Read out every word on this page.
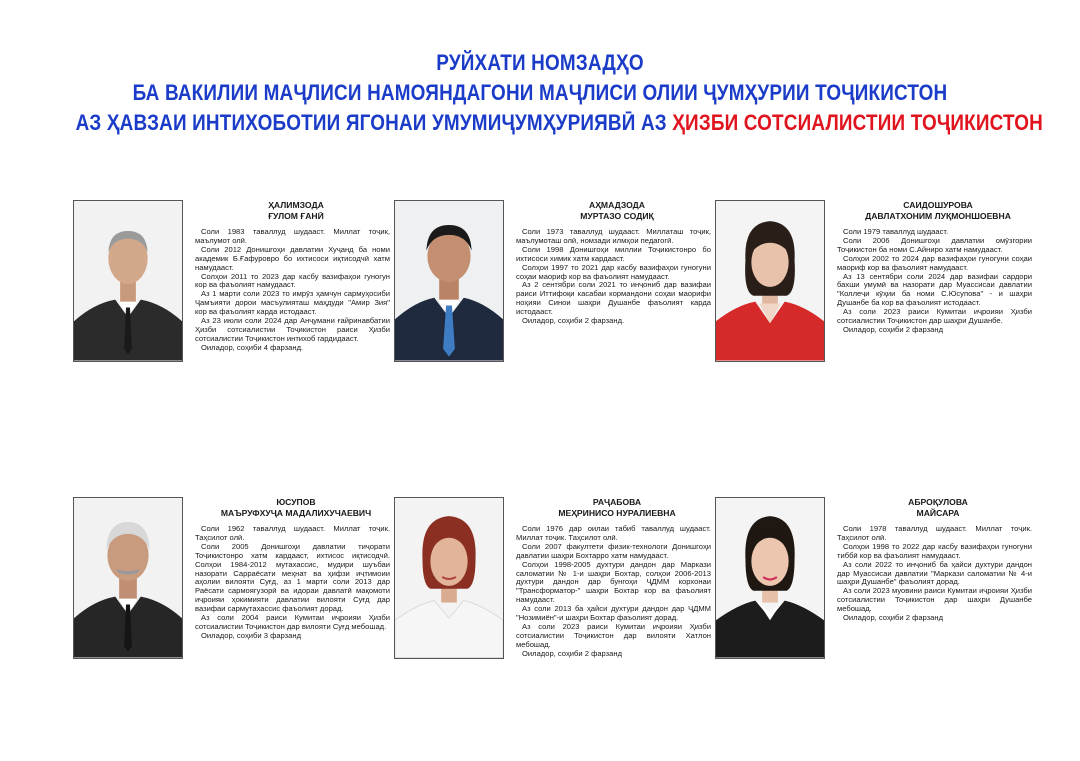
РУЙХАТИ НОМЗАДҲО
БА ВАКИЛИИ МАҶЛИСИ НАМОЯНДАГОНИ МАҶЛИСИ ОЛИИ ҶУМҲУРИИ ТОҶИКИСТОН
АЗ ҲАВЗАИ ИНТИХОБОТИИ ЯГОНАИ УМУМИҶУМҲУРИЯВӢ АЗ ҲИЗБИ СОТСИАЛИСТИИ ТОҶИКИСТОН
ҲАЛИМЗОДА
ҒУЛОМ ҒАНӢ

Соли 1983 таваллуд шудааст. Миллат тоҷик, маълумот олӣ.

Соли 2012 Донишгоҳи давлатии Хуҷанд ба номи академик Б.Ғафуровро бо ихтисоси иқтисодчӣ хатм намудааст.

Солҳои 2011 то 2023 дар касбу вазифаҳои гуногун кор ва фаъолият намудааст.

Аз 1 марти соли 2023 то имрӯз ҳамчун сармуҳосиби Ҷамъияти дорои масъулияташ маҳдуди "Амир Зия" кор ва фаъолият карда истодааст.

Аз 23 июли соли 2024 дар Анҷумани ғайринавбатии Ҳизби сотсиалистии Тоҷикистон раиси Ҳизби сотсиалистии Тоҷикистон интихоб гардидааст.

Оиладор, соҳиби 4 фарзанд.

АҲМАДЗОДА
МУРТАЗО СОДИҚ

Соли 1973 таваллуд шудааст. Миллаташ тоҷик, маълумоташ олӣ, номзади илмҳои педагогӣ.

Соли 1998 Донишгоҳи миллии Тоҷикистонро бо ихтисоси химик хатм кардааст.

Солҳои 1997 то 2021 дар касбу вазифаҳои гуногуни соҳаи маориф кор ва фаъолият намудааст.

Аз 2 сентябри соли 2021 то инҷониб дар вазифаи раиси Иттифоқи касабаи кормандони соҳаи маорифи ноҳияи Синои шаҳри Душанбе фаъолият карда истодааст.

Оиладор, соҳиби 2 фарзанд.

САИДОШУРОВА
ДАВЛАТХОНИМ ЛУҚМОНШОЕВНА

Соли 1979 таваллуд шудааст.

Соли 2006 Донишгоҳи давлатии омӯзгории Тоҷикистон ба номи С.Айниро хатм намудааст.

Солҳои 2002 то 2024 дар вазифаҳои гуногуни соҳаи маориф кор ва фаъолият намудааст.

Аз 13 сентябри соли 2024 дар вазифаи сардори бахши умумӣ ва назорати дар Муассисаи давлатии "Коллеҷи кӯҳии ба номи С.Юсупова" - и шаҳри Душанбе ба кор ва фаъолият истодааст.

Аз соли 2023 раиси Кумитаи иҷроияи Ҳизби сотсиалистии Тоҷикистон дар шаҳри Душанбе.

Оиладор, соҳиби 2 фарзанд

ЮСУПОВ
МАЪРУФХУҶА МАДАЛИХУЧАЕВИЧ

Соли 1962 таваллуд шудааст. Миллат тоҷик. Таҳсилот олӣ.

Соли 2005 Донишгоҳи давлатии тиҷорати Тоҷикистонро хатм кардааст, ихтисос иқтисодчӣ. Солҳои 1984-2012 мутахассис, мудири шуъбаи назорати Сарраёсати меҳнат ва ҳифзи иҷтимоии аҳолии вилояти Суғд, аз 1 марти соли 2013 дар Раёсати сармоягузорӣ ва идораи давлатӣ мақомоти иҷроияи ҳокимияти давлатии вилояти Суғд дар вазифаи сармутахассис фаъолият дорад.

Аз соли 2004 раиси Кумитаи иҷроияи Ҳизби сотсиалистии Тоҷикистон дар вилояти Суғд мебошад.

Оиладор, соҳиби 3 фарзанд

РАҶАБОВА
МЕҲРИНИСО НУРАЛИЕВНА

Соли 1976 дар оилаи табиб таваллуд шудааст. Миллат тоҷик. Таҳсилот олӣ.

Соли 2007 факултети физик-технологи Донишгоҳи давлатии шаҳри Бохтарро хатм намудааст.

Солҳои 1998-2005 духтури дандон дар Маркази саломатии № 1-и шаҳри Бохтар, солҳои 2006-2013 духтури дандон дар бунгоҳи ҶДММ корхонаи "Трансформатор-" шаҳри Бохтар кор ва фаъолият намудааст.

Аз соли 2013 ба ҳайси духтури дандон дар ҶДММ "Нозимиён"-и шаҳри Бохтар фаъолият дорад.

Аз соли 2023 раиси Кумитаи иҷроияи Ҳизби сотсиалистии Тоҷикистон дар вилояти Хатлон мебошад.

Оиладор, соҳиби 2 фарзанд

АБРОҚУЛОВА
МАЙСАРА

Соли 1978 таваллуд шудааст. Миллат тоҷик. Таҳсилот олӣ.

Солҳои 1998 то 2022 дар касбу вазифаҳои гуногуни тиббӣ кор ва фаъолият намудааст.

Аз соли 2022 то инҷониб ба ҳайси духтури дандон дар Муассисаи давлатии "Маркази саломатии № 4-и шаҳри Душанбе" фаъолият дорад.

Аз соли 2023 муовини раиси Кумитаи иҷроияи Ҳизби сотсиалистии Тоҷикистон дар шаҳри Душанбе мебошад.

Оиладор, соҳиби 2 фарзанд
